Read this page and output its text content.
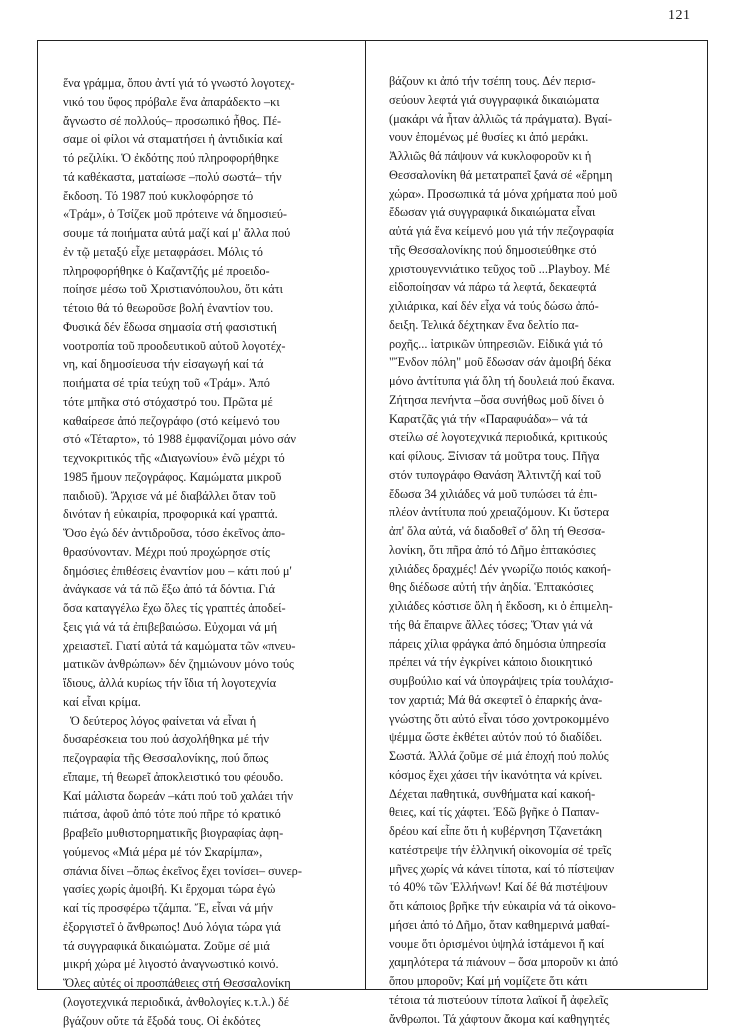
121
ἕνα γράμμα, ὅπου ἀντί γιά τό γνωστό λογοτεχ-
νικό του ὕφος πρόβαλε ἕνα ἀπαράδεκτο –κι
ἄγνωστο σέ πολλούς– προσωπικό ἦθος. Πέ-
σαμε οἱ φίλοι νά σταματήσει ἡ ἀντιδικία καί
τό ρεζιλίκι. Ὁ ἐκδότης πού πληροφορήθηκε
τά καθέκαστα, ματαίωσε –πολύ σωστά– τήν
ἔκδοση. Τό 1987 πού κυκλοφόρησε τό
«Τράμ», ὁ Τσίζεκ μοῦ πρότεινε νά δημοσιεύ-
σουμε τά ποιήματα αὐτά μαζί καί μ' ἄλλα πού
ἐν τῷ μεταξύ εἶχε μεταφράσει. Μόλις τό
πληροφορήθηκε ὁ Καζαντζής μέ προειδο-
ποίησε μέσω τοῦ Χριστιανόπουλου, ὅτι κάτι
τέτοιο θά τό θεωροῦσε βολή ἐναντίον του.
Φυσικά δέν ἔδωσα σημασία στή φασιστική
νοοτροπία τοῦ προοδευτικοῦ αὐτοῦ λογοτέχ-
νη, καί δημοσίευσα τήν εἰσαγωγή καί τά
ποιήματα σέ τρία τεύχη τοῦ «Τράμ». Ἀπό
τότε μπῆκα στό στόχαστρό του. Πρῶτα μέ
καθαίρεσε ἀπό πεζογράφο (στό κείμενό του
στό «Τέταρτο», τό 1988 ἐμφανίζομαι μόνο σάν
τεχνοκριτικός τῆς «Διαγωνίου» ἐνῶ μέχρι τό
1985 ἤμουν πεζογράφος. Καμώματα μικροῦ
παιδιοῦ). Ἄρχισε νά μέ διαβάλλει ὅταν τοῦ
δινόταν ἡ εὐκαιρία, προφορικά καί γραπτά.
Ὅσο ἐγώ δέν ἀντιδροῦσα, τόσο ἐκεῖνος ἀπο-
θρασύνονταν. Μέχρι πού προχώρησε στίς
δημόσιες ἐπιθέσεις ἐναντίον μου – κάτι πού μ'
ἀνάγκασε νά τά πῶ ἔξω ἀπό τά δόντια. Γιά
ὅσα καταγγέλω ἔχω ὅλες τίς γραπτές ἀποδεί-
ξεις γιά νά τά ἐπιβεβαιώσω. Εὐχομαι νά μή
χρειαστεῖ. Γιατί αὐτά τά καμώματα τῶν «πνευ-
ματικῶν ἀνθρώπων» δέν ζημιώνουν μόνο τούς
ἴδιους, ἀλλά κυρίως τήν ἴδια τή λογοτεχνία
καί εἶναι κρίμα.
Ὁ δεύτερος λόγος φαίνεται νά εἶναι ἡ
δυσαρέσκεια του πού ἀσχολήθηκα μέ τήν
πεζογραφία τῆς Θεσσαλονίκης, πού ὅπως
εἴπαμε, τή θεωρεῖ ἀποκλειστικό του φέουδο.
Καί μάλιστα δωρεάν –κάτι πού τοῦ χαλάει τήν
πιάτσα, ἀφοῦ ἀπό τότε πού πῆρε τό κρατικό
βραβεῖο μυθιστορηματικῆς βιογραφίας ἀφη-
γούμενος «Μιά μέρα μέ τόν Σκαρίμπα»,
σπάνια δίνει –ὅπως ἐκεῖνος ἔχει τονίσει– συνερ-
γασίες χωρίς ἀμοιβή. Κι ἔρχομαι τώρα ἐγώ
καί τίς προσφέρω τζάμπα. Ἔ, εἶναι νά μήν
ἐξοργιστεῖ ὁ ἄνθρωπος! Δυό λόγια τώρα γιά
τά συγγραφικά δικαιώματα. Ζοῦμε σέ μιά
μικρή χώρα μέ λιγοστό ἀναγνωστικό κοινό.
Ὅλες αὐτές οἱ προσπάθειες στή Θεσσαλονίκη
(λογοτεχνικά περιοδικά, ἀνθολογίες κ.τ.λ.) δέ
βγάζουν οὔτε τά ἔξοδά τους. Οἱ ἐκδότες
βάζουν κι ἀπό τήν τσέπη τους. Δέν περισ-
σεύουν λεφτά γιά συγγραφικά δικαιώματα
(μακάρι νά ἦταν ἀλλιῶς τά πράγματα). Βγαί-
νουν ἑπομένως μέ θυσίες κι ἀπό μεράκι.
Ἀλλιῶς θά πάψουν νά κυκλοφοροῦν κι ἡ
Θεσσαλονίκη θά μετατραπεῖ ξανά σέ «ἔρημη
χώρα». Προσωπικά τά μόνα χρήματα πού μοῦ
ἔδωσαν γιά συγγραφικά δικαιώματα εἶναι
αὐτά γιά ἕνα κείμενό μου γιά τήν πεζογραφία
τῆς Θεσσαλονίκης πού δημοσιεύθηκε στό
χριστουγεννιάτικο τεῦχος τοῦ ...Playboy. Μέ
εἰδοποίησαν νά πάρω τά λεφτά, δεκαεφτά
χιλιάρικα, καί δέν εἶχα νά τούς δώσω ἀπό-
δειξη. Τελικά δέχτηκαν ἕνα δελτίο πα-
ροχῆς... ἰατρικῶν ὑπηρεσιῶν. Εἰδικά γιά τό
"Ἔνδον πόλη" μοῦ ἔδωσαν σάν ἀμοιβή δέκα
μόνο ἀντίτυπα γιά ὅλη τή δουλειά πού ἔκανα.
Ζήτησα πενήντα –ὅσα συνήθως μοῦ δίνει ὁ
Καρατζᾶς γιά τήν «Παραφυάδα»– νά τά
στείλω σέ λογοτεχνικά περιοδικά, κριτικούς
καί φίλους. Ξίνισαν τά μοῦτρα τους. Πῆγα
στόν τυπογράφο Θανάση Ἀλτιντζή καί τοῦ
ἔδωσα 34 χιλιάδες νά μοῦ τυπώσει τά ἐπι-
πλέον ἀντίτυπα πού χρειαζόμουν. Κι ὕστερα
ἀπ' ὅλα αὐτά, νά διαδοθεῖ σ' ὅλη τή Θεσσα-
λονίκη, ὅτι πῆρα ἀπό τό Δῆμο ἑπτακόσιες
χιλιάδες δραχμές! Δέν γνωρίζω ποιός κακοή-
θης διέδωσε αὐτή τήν ἀηδία. Ἑπτακόσιες
χιλιάδες κόστισε ὅλη ἡ ἔκδοση, κι ὁ ἐπιμελη-
τής θά ἔπαιρνε ἄλλες τόσες; Ὅταν γιά νά
πάρεις χίλια φράγκα ἀπό δημόσια ὑπηρεσία
πρέπει νά τήν ἐγκρίνει κάποιο διοικητικό
συμβούλιο καί νά ὑπογράψεις τρία τουλάχισ-
τον χαρτιά; Μά θά σκεφτεῖ ὁ ἐπαρκής ἀνα-
γνώστης ὅτι αὐτό εἶναι τόσο χοντροκομμένο
ψέμμα ὥστε ἐκθέτει αὐτόν πού τό διαδίδει.
Σωστά. Ἀλλά ζοῦμε σέ μιά ἐποχή πού πολύς
κόσμος ἔχει χάσει τήν ἱκανότητα νά κρίνει.
Δέχεται παθητικά, συνθήματα καί κακοή-
θειες, καί τίς χάφτει. Ἐδῶ βγῆκε ὁ Παπαν-
δρέου καί εἶπε ὅτι ἡ κυβέρνηση Τζανετάκη
κατέστρεψε τήν ἑλληνική οἰκονομία σέ τρεῖς
μῆνες χωρίς νά κάνει τίποτα, καί τό πίστεψαν
τό 40% τῶν Ἑλλήνων! Καί δέ θά πιστέψουν
ὅτι κάποιος βρῆκε τήν εὐκαιρία νά τά οἰκονο-
μήσει ἀπό τό Δῆμο, ὅταν καθημερινά μαθαί-
νουμε ὅτι ὁρισμένοι ὑψηλά ἱστάμενοι ἤ καί
χαμηλότερα τά πιάνουν – ὅσα μποροῦν κι ἀπό
ὅπου μποροῦν; Καί μή νομίζετε ὅτι κάτι
τέτοια τά πιστεύουν τίποτα λαϊκοί ἤ ἀφελεῖς
ἄνθρωποι. Τά χάφτουν ἄκομα καί καθηγητές
